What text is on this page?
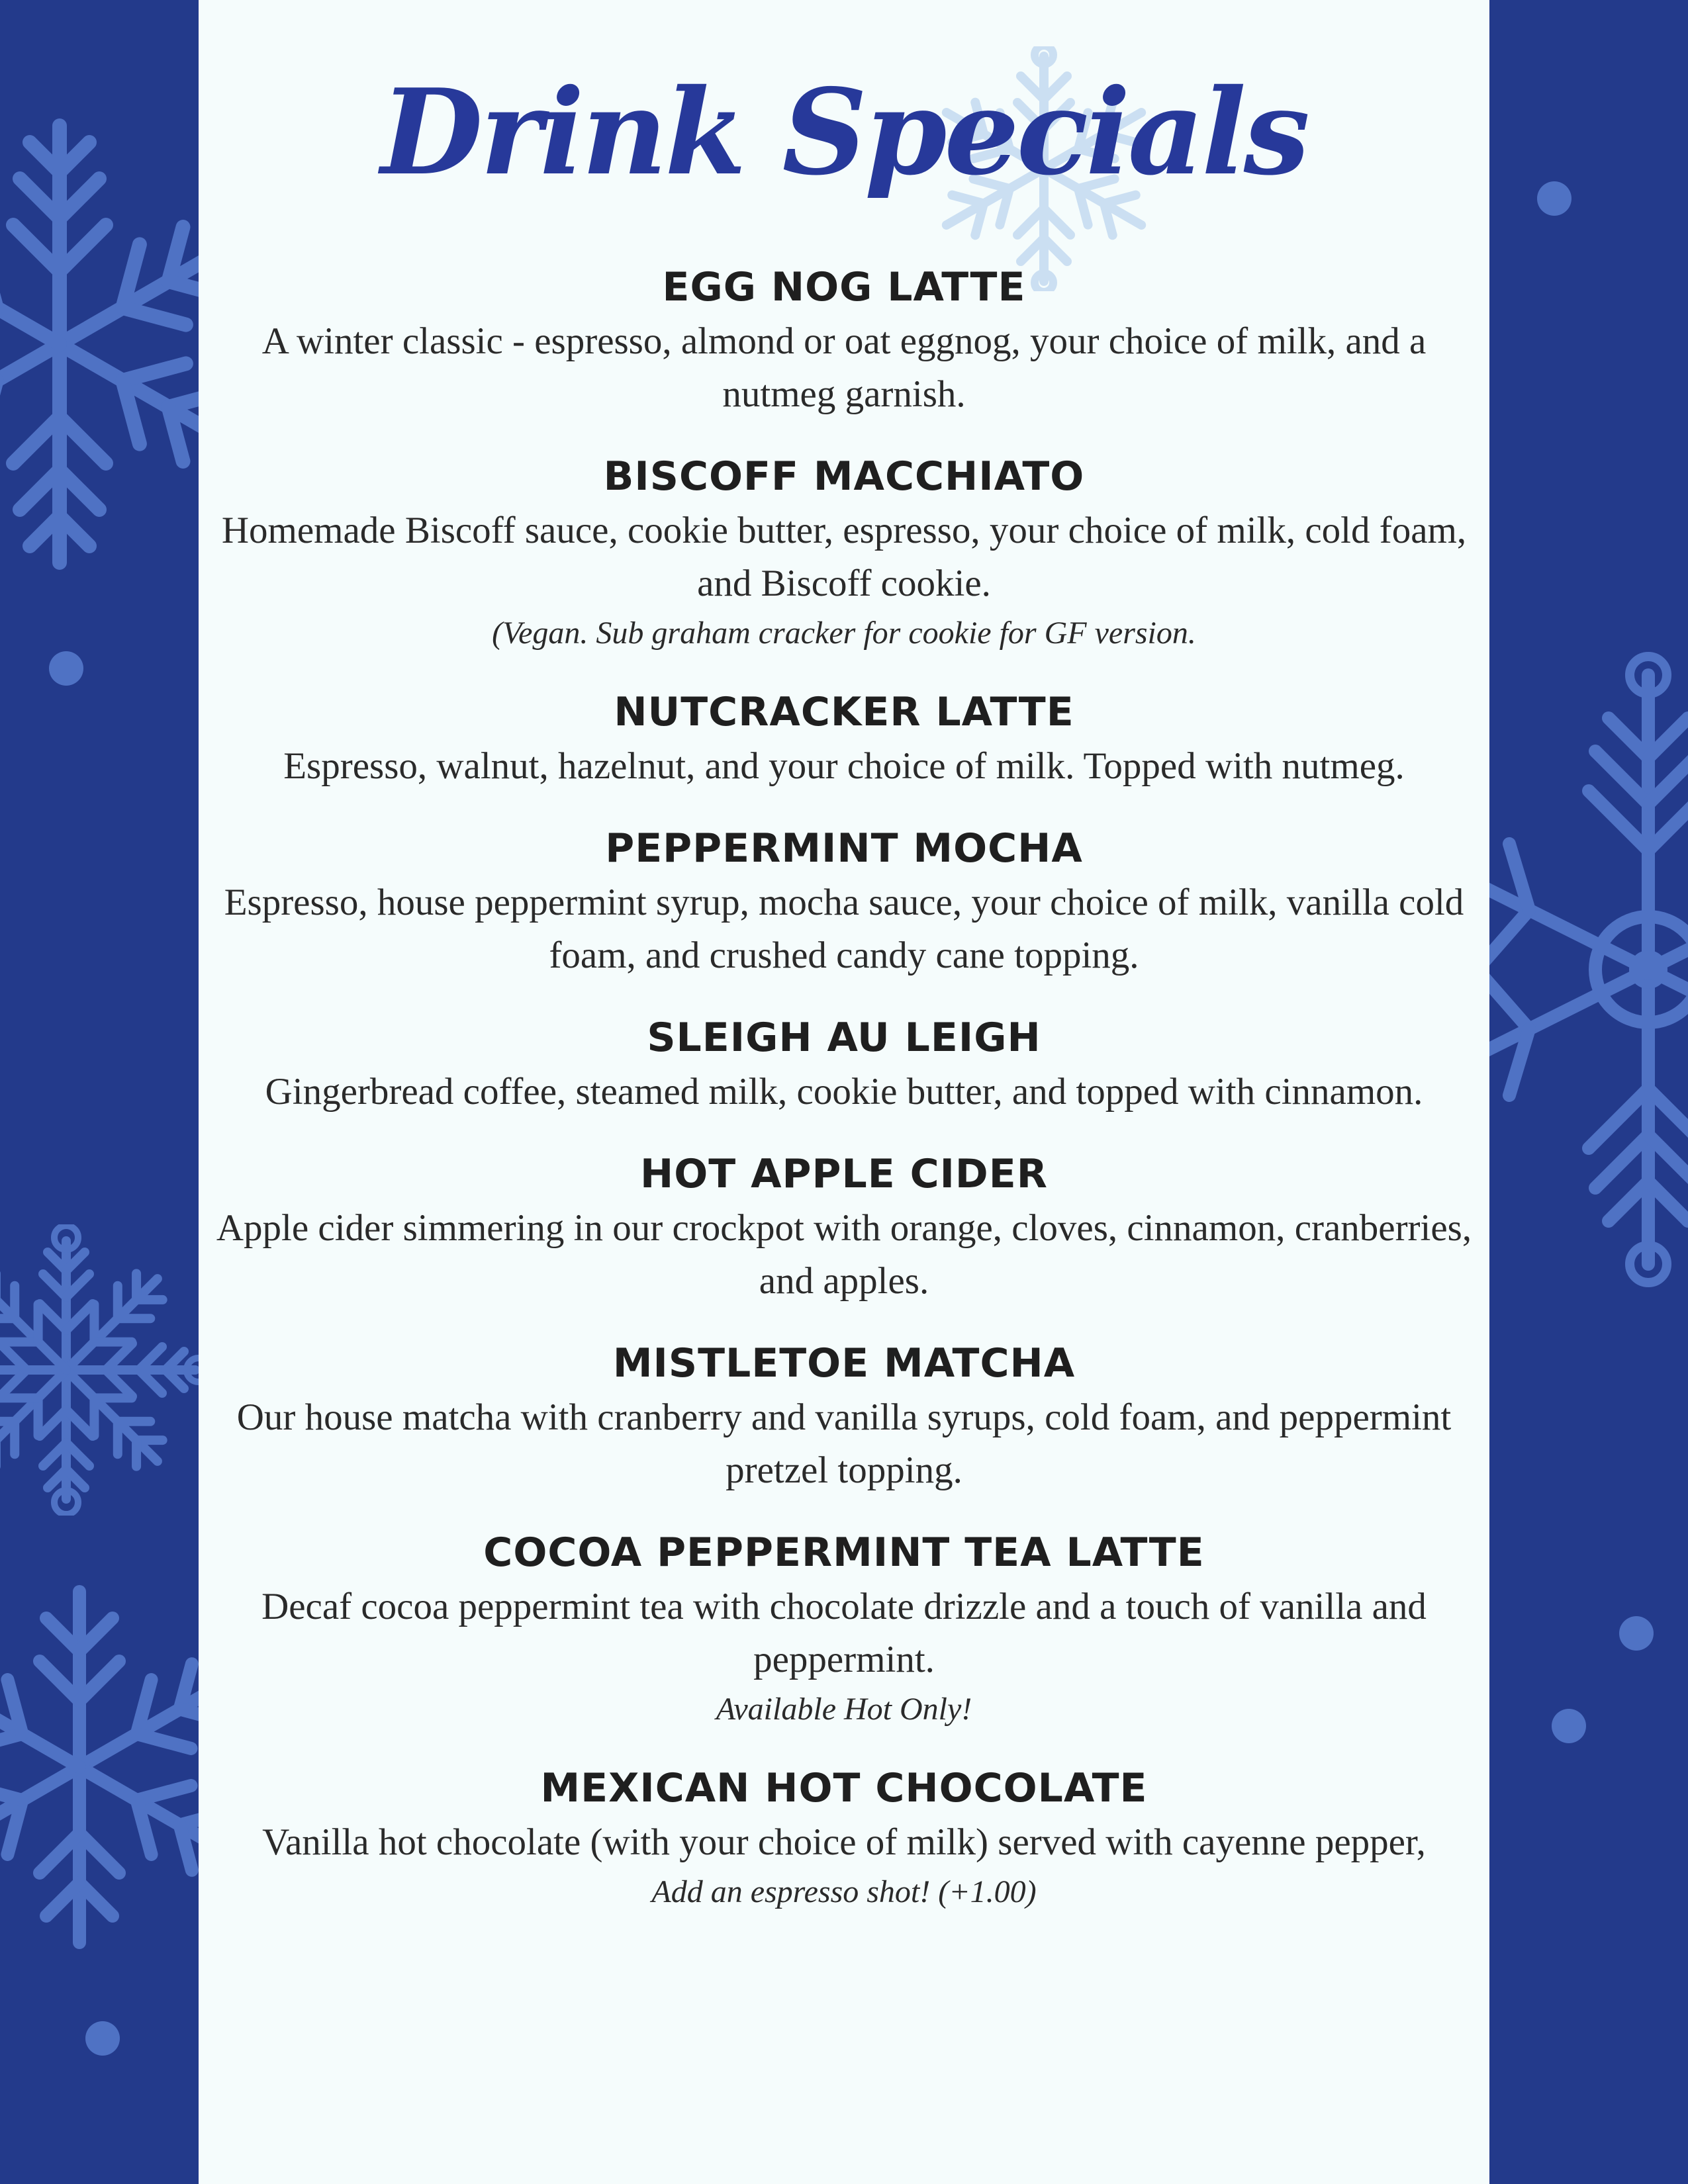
Drink Specials
EGG NOG LATTE
A winter classic - espresso, almond or oat eggnog, your choice of milk, and a nutmeg garnish.
BISCOFF MACCHIATO
Homemade Biscoff sauce, cookie butter, espresso, your choice of milk, cold foam, and Biscoff cookie.
(Vegan. Sub graham cracker for cookie for GF version.
NUTCRACKER LATTE
Espresso, walnut, hazelnut, and your choice of milk. Topped with nutmeg.
PEPPERMINT MOCHA
Espresso, house peppermint syrup, mocha sauce, your choice of milk, vanilla cold foam, and crushed candy cane topping.
SLEIGH AU LEIGH
Gingerbread coffee, steamed milk, cookie butter, and topped with cinnamon.
HOT APPLE CIDER
Apple cider simmering in our crockpot with orange, cloves, cinnamon, cranberries, and apples.
MISTLETOE MATCHA
Our house matcha with cranberry and vanilla syrups, cold foam, and peppermint pretzel topping.
COCOA PEPPERMINT TEA LATTE
Decaf cocoa peppermint tea with chocolate drizzle and a touch of vanilla and peppermint.
Available Hot Only!
MEXICAN HOT CHOCOLATE
Vanilla hot chocolate (with your choice of milk) served with cayenne pepper,
Add an espresso shot! (+1.00)
